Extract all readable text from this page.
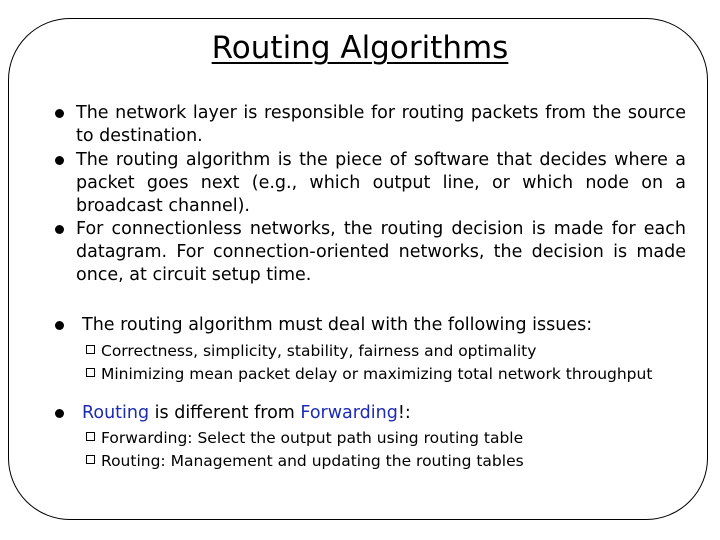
Routing Algorithms

The network layer is responsible for routing packets from the source to destination.

The routing algorithm is the piece of software that decides where a packet goes next (e.g., which output line, or which node on a broadcast channel).

For connectionless networks, the routing decision is made for each datagram. For connection-oriented networks, the decision is made once, at circuit setup time.

The routing algorithm must deal with the following issues:

Correctness, simplicity, stability, fairness and optimality
Minimizing mean packet delay or maximizing total network throughput

Routing is different from Forwarding!:

Forwarding: Select the output path using routing table
Routing: Management and updating the routing tables
